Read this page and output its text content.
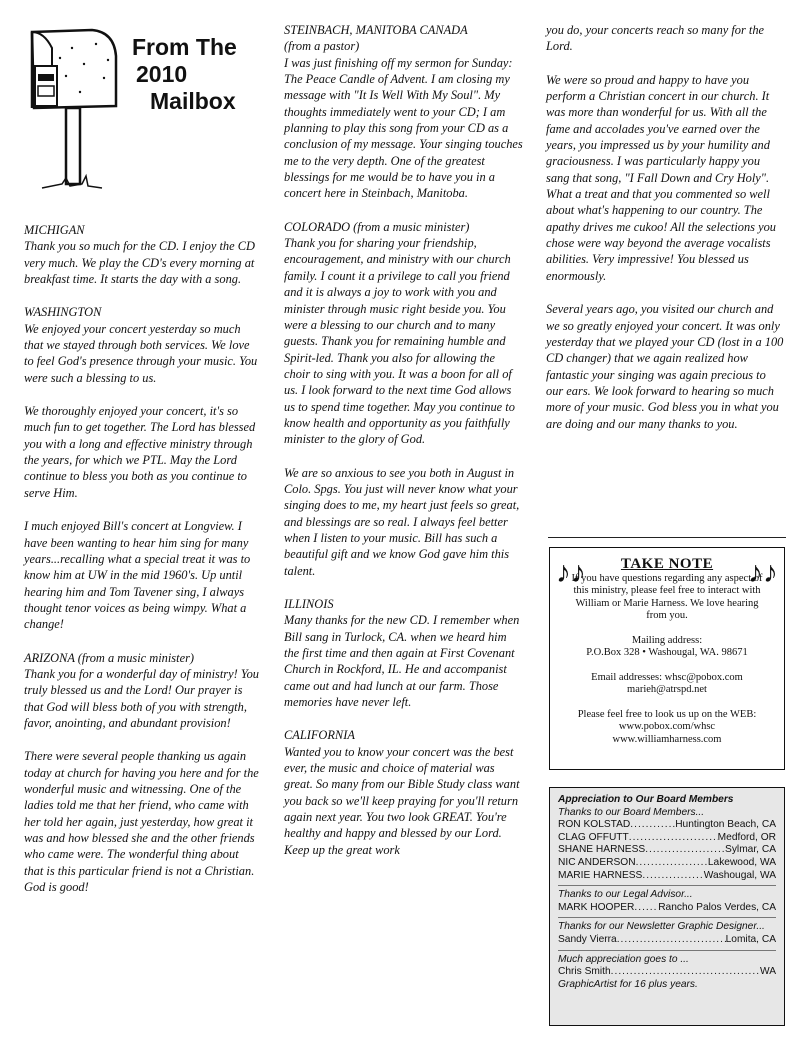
From The
2010
Mailbox

MICHIGAN
Thank you so much for the CD. I enjoy the CD very much. We play the CD's every morning at breakfast time. It starts the day with a song.

WASHINGTON
We enjoyed your concert yesterday so much that we stayed through both services. We love to feel God's presence through your music. You were such a blessing to us.

We thoroughly enjoyed your concert, it's so much fun to get together. The Lord has blessed you with a long and effective ministry through the years, for which we PTL. May the Lord continue to bless you both as you continue to serve Him.

I much enjoyed Bill's concert at Longview. I have been wanting to hear him sing for many years...recalling what a special treat it was to know him at UW in the mid 1960's. Up until hearing him and Tom Tavener sing, I always thought tenor voices as being wimpy. What a change!

ARIZONA (from a music minister)
Thank you for a wonderful day of ministry! You truly blessed us and the Lord! Our prayer is that God will bless both of you with strength, favor, anointing, and abundant provision!

There were several people thanking us again today at church for having you here and for the wonderful music and witnessing. One of the ladies told me that her friend, who came with her told her again, just yesterday, how great it was and how blessed she and the other friends who came were. The wonderful thing about that is this particular friend is not a Christian. God is good!

STEINBACH, MANITOBA CANADA
(from a pastor)
I was just finishing off my sermon for Sunday: The Peace Candle of Advent. I am closing my message with "It Is Well With My Soul". My thoughts immediately went to your CD; I am planning to play this song from your CD as a conclusion of my message. Your singing touches me to the very depth. One of the greatest blessings for me would be to have you in a concert here in Steinbach, Manitoba.

COLORADO (from a music minister)
Thank you for sharing your friendship, encouragement, and ministry with our church family. I count it a privilege to call you friend and it is always a joy to work with you and minister through music right beside you. You were a blessing to our church and to many guests. Thank you for remaining humble and Spirit-led. Thank you also for allowing the choir to sing with you. It was a boon for all of us. I look forward to the next time God allows us to spend time together. May you continue to know health and opportunity as you faithfully minister to the glory of God.

We are so anxious to see you both in August in Colo. Spgs. You just will never know what your singing does to me, my heart just feels so great, and blessings are so real. I always feel better when I listen to your music. Bill has such a beautiful gift and we know God gave him this talent.

ILLINOIS
Many thanks for the new CD. I remember when Bill sang in Turlock, CA. when we heard him the first time and then again at First Covenant Church in Rockford, IL. He and accompanist came out and had lunch at our farm. Those memories have never left.

CALIFORNIA
Wanted you to know your concert was the best ever, the music and choice of material was great. So many from our Bible Study class want you back so we'll keep praying for you'll return again next year. You two look GREAT. You're healthy and happy and blessed by our Lord. Keep up the great work

you do, your concerts reach so many for the Lord.

We were so proud and happy to have you perform a Christian concert in our church. It was more than wonderful for us. With all the fame and accolades you've earned over the years, you impressed us by your humility and graciousness. I was particularly happy you sang that song, "I Fall Down and Cry Holy". What a treat and that you commented so well about what's happening to our country. The apathy drives me cukoo! All the selections you chose were way beyond the average vocalists abilities. Very impressive! You blessed us enormously.

Several years ago, you visited our church and we so greatly enjoyed your concert. It was only yesterday that we played your CD (lost in a 100 CD changer) that we again realized how fantastic your singing was again precious to our ears. We look forward to hearing so much more of your music. God bless you in what you are doing and our many thanks to you.

♪♪	♪♪
TAKE NOTE
If you have questions regarding any aspect of this ministry, please feel free to interact with William or Marie Harness. We love hearing from you.
Mailing address:
P.O.Box 328 • Washougal, WA. 98671
Email addresses: whsc@pobox.com
marieh@atrspd.net
Please feel free to look us up on the WEB:
www.pobox.com/whsc
www.williamharness.com
Appreciation to Our Board Members
Thanks to our Board Members...
RON KOLSTAD .....	Huntington Beach, CA
CLAG OFFUTT .....	Medford, OR
SHANE HARNESS .....	Sylmar, CA
NIC ANDERSON .....	Lakewood, WA
MARIE HARNESS .....	Washougal, WA
Thanks to our Legal Advisor...
MARK HOOPER ..... Rancho Palos Verdes, CA
Thanks for our Newsletter Graphic Designer...
Sandy Vierra .....	Lomita, CA
Much appreciation goes to ...
Chris Smith .....	WA
GraphicArtist for 16 plus years.
